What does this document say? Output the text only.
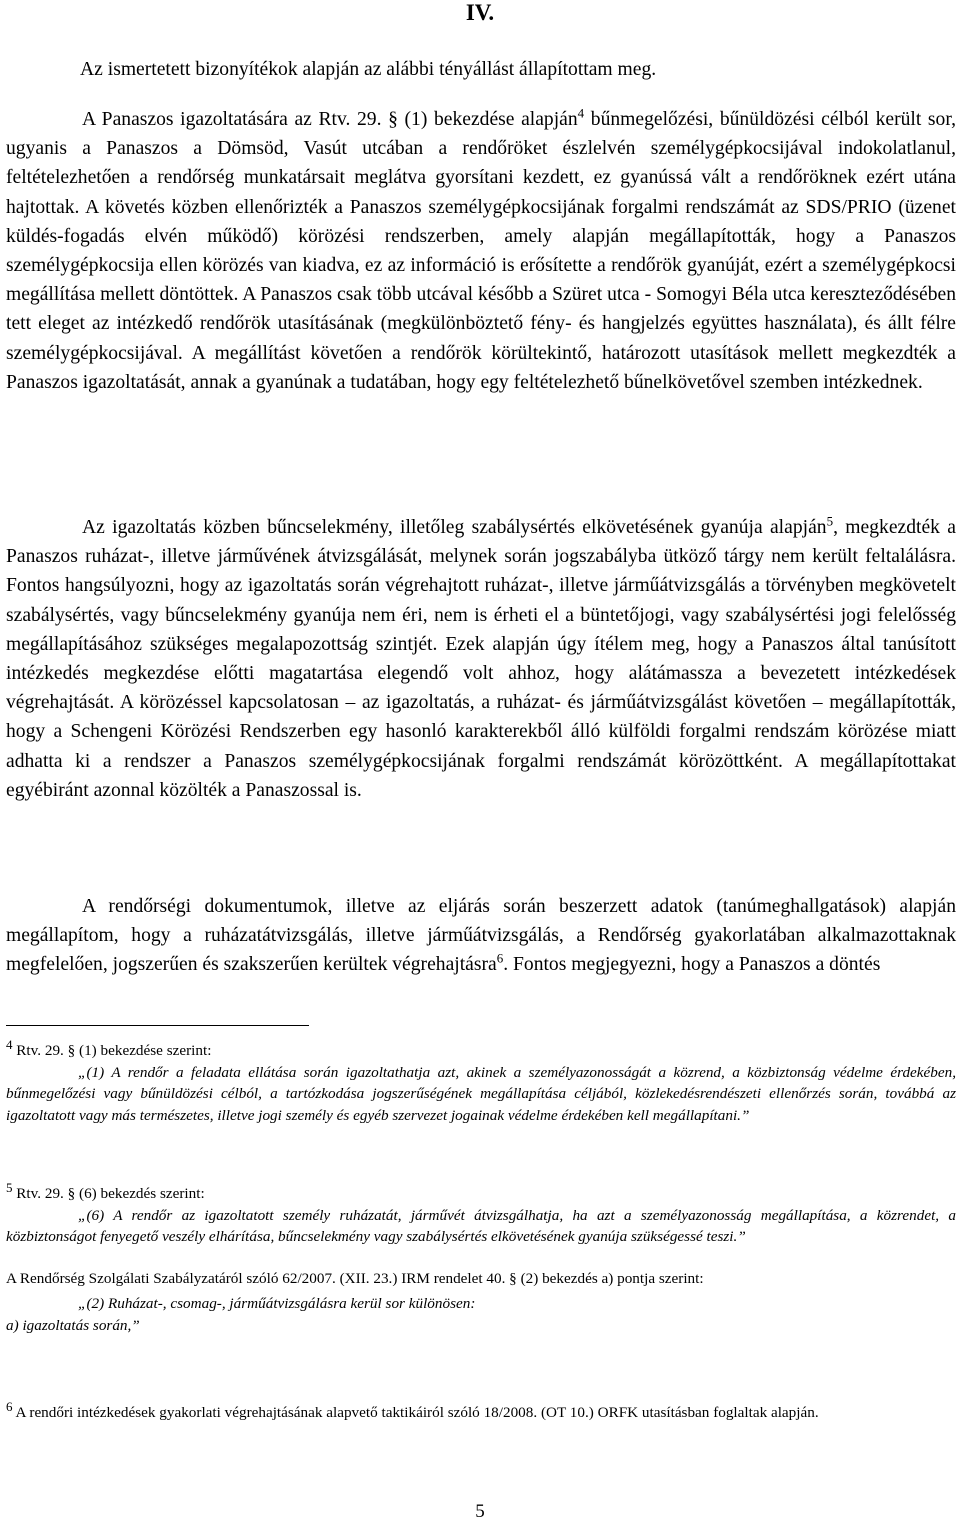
IV.
Az ismertetett bizonyítékok alapján az alábbi tényállást állapítottam meg.
A Panaszos igazoltatására az Rtv. 29. § (1) bekezdése alapján$^4$ bűnmegelőzési, bűnüldözési célból került sor, ugyanis a Panaszos a Dömsöd, Vasút utcában a rendőröket észlelvén személygépkocsijával indokolatlanul, feltételezhetően a rendőrség munkatársait meglátva gyorsítani kezdett, ez gyanússá vált a rendőröknek ezért utána hajtottak. A követés közben ellenőrizték a Panaszos személygépkocsijának forgalmi rendszámát az SDS/PRIO (üzenet küldés-fogadás elvén működő) körözési rendszerben, amely alapján megállapították, hogy a Panaszos személygépkocsija ellen körözés van kiadva, ez az információ is erősítette a rendőrök gyanúját, ezért a személygépkocsi megállítása mellett döntöttek. A Panaszos csak több utcával később a Szüret utca - Somogyi Béla utca kereszteződésében tett eleget az intézkedő rendőrök utasításának (megkülönböztető fény- és hangjelzés együttes használata), és állt félre személygépkocsijával. A megállítást követően a rendőrök körültekintő, határozott utasítások mellett megkezdték a Panaszos igazoltatását, annak a gyanúnak a tudatában, hogy egy feltételezhető bűnelkövetővel szemben intézkednek.
Az igazoltatás közben bűncselekmény, illetőleg szabálysértés elkövetésének gyanúja alapján$^5$, megkezdték a Panaszos ruházat-, illetve járművének átvizsgálását, melynek során jogszabályba ütköző tárgy nem került feltalálásra. Fontos hangsúlyozni, hogy az igazoltatás során végrehajtott ruházat-, illetve járműátvizsgálás a törvényben megkövetelt szabálysértés, vagy bűncselekmény gyanúja nem éri, nem is érheti el a büntetőjogi, vagy szabálysértési jogi felelősség megállapításához szükséges megalapozottság szintjét. Ezek alapján úgy ítélem meg, hogy a Panaszos által tanúsított intézkedés megkezdése előtti magatartása elegendő volt ahhoz, hogy alátámassza a bevezetett intézkedések végrehajtását. A körözéssel kapcsolatosan – az igazoltatás, a ruházat- és járműátvizsgálást követően – megállapították, hogy a Schengeni Körözési Rendszerben egy hasonló karakterekből álló külföldi forgalmi rendszám körözése miatt adhatta ki a rendszer a Panaszos személygépkocsijának forgalmi rendszámát körözöttként. A megállapítottakat egyébiránt azonnal közölték a Panaszossal is.
A rendőrségi dokumentumok, illetve az eljárás során beszerzett adatok (tanúmeghallgatások) alapján megállapítom, hogy a ruházatátvizsgálás, illetve járműátvizsgálás, a Rendőrség gyakorlatában alkalmazottaknak megfelelően, jogszerűen és szakszerűen kerültek végrehajtásra$^6$. Fontos megjegyezni, hogy a Panaszos a döntés
$^4$ Rtv. 29. § (1) bekezdése szerint:
„(1) A rendőr a feladata ellátása során igazoltathatja azt, akinek a személyazonosságát a közrend, a közbiztonság védelme érdekében, bűnmegelőzési vagy bűnüldözési célból, a tartózkodása jogszerűségének megállapítása céljából, közlekedésrendészeti ellenőrzés során, továbbá az igazoltatott vagy más természetes, illetve jogi személy és egyéb szervezet jogainak védelme érdekében kell megállapítani.”
$^5$ Rtv. 29. § (6) bekezdés szerint:
„(6) A rendőr az igazoltatott személy ruházatát, járművét átvizsgálhatja, ha azt a személyazonosság megállapítása, a közrendet, a közbiztonságot fenyegető veszély elhárítása, bűncselekmény vagy szabálysértés elkövetésének gyanúja szükségessé teszi.”
A Rendőrség Szolgálati Szabályzatáról szóló 62/2007. (XII. 23.) IRM rendelet 40. § (2) bekezdés a) pontja szerint:
„(2) Ruházat-, csomag-, járműátvizsgálásra kerül sor különösen:
a) igazoltatás során,”
$^6$ A rendőri intézkedések gyakorlati végrehajtásának alapvető taktikáiról szóló 18/2008. (OT 10.) ORFK utasításban foglaltak alapján.
5
